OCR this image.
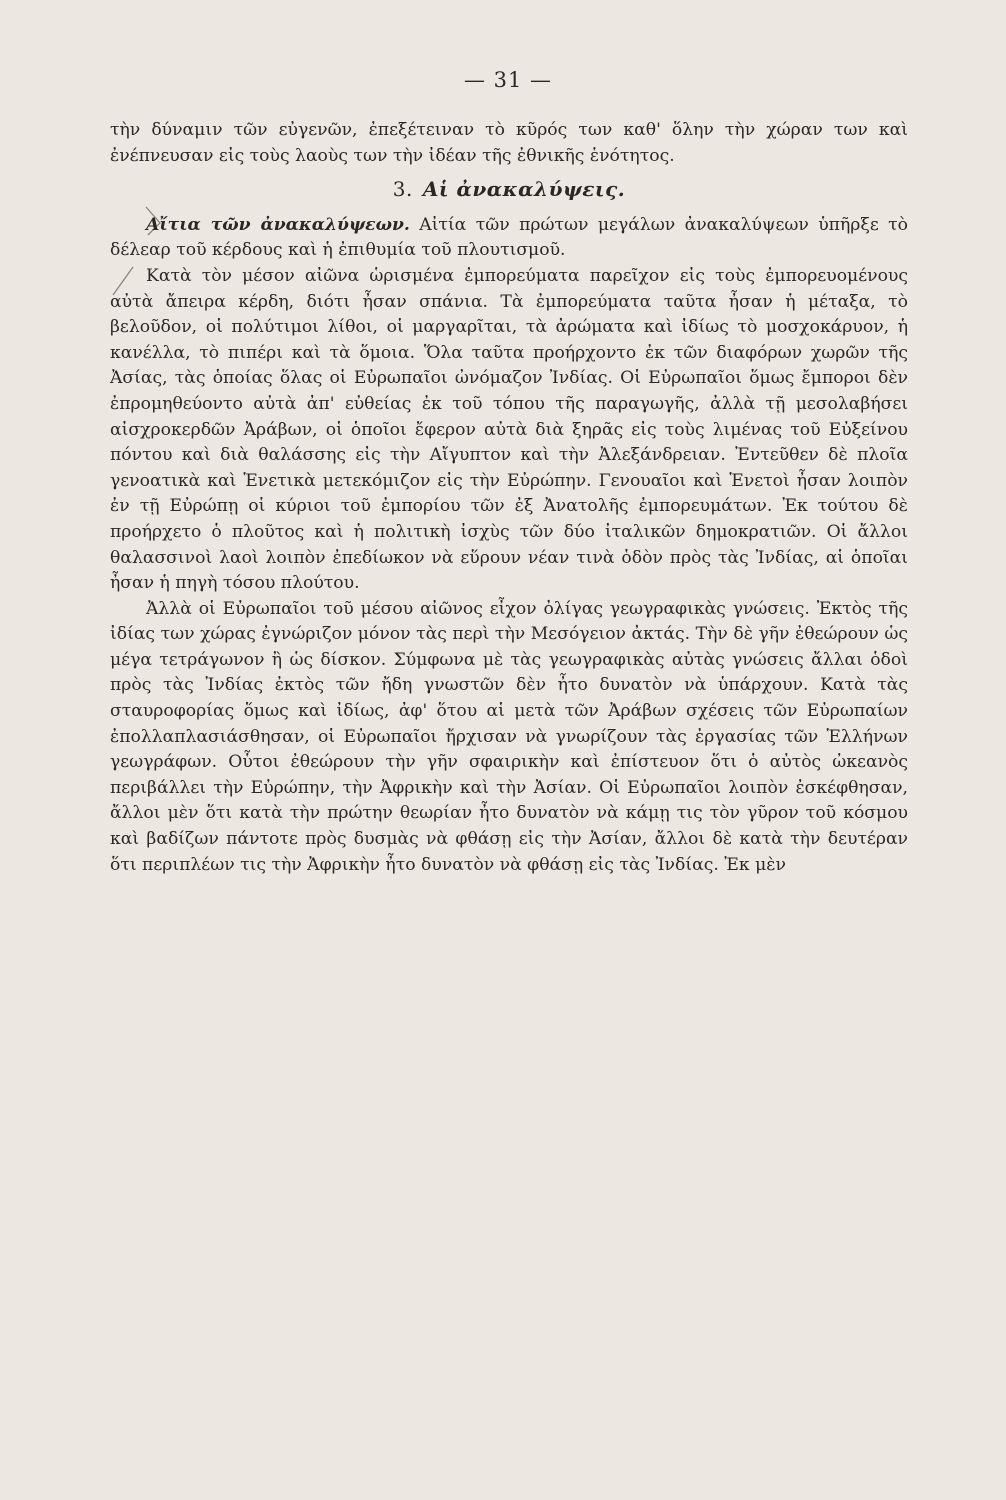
— 31 —

τὴν δύναμιν τῶν εὐγενῶν, ἐπεξέτειναν τὸ κῦρός των καθ' ὅλην τὴν χώραν των καὶ ἐνέπνευσαν εἰς τοὺς λαοὺς των τὴν ἰδέαν τῆς ἐθνικῆς ἑνότητος.

3. Αἱ ἀνακαλύψεις.

Αἴτια τῶν ἀνακαλύψεων. Αἰτία τῶν πρώτων μεγάλων ἀνακαλύψεων ὑπῆρξε τὸ δέλεαρ τοῦ κέρδους καὶ ἡ ἐπιθυμία τοῦ πλουτισμοῦ.

Κατὰ τὸν μέσον αἰῶνα ὡρισμένα ἐμπορεύματα παρεῖχον εἰς τοὺς ἐμπορευομένους αὐτὰ ἄπειρα κέρδη, διότι ἦσαν σπάνια. Τὰ ἐμπορεύματα ταῦτα ἦσαν ἡ μέταξα, τὸ βελοῦδον, οἱ πολύτιμοι λίθοι, οἱ μαργαρῖται, τὰ ἀρώματα καὶ ἰδίως τὸ μοσχοκάρυον, ἡ κανέλλα, τὸ πιπέρι καὶ τὰ ὅμοια. Ὅλα ταῦτα προήρχοντο ἐκ τῶν διαφόρων χωρῶν τῆς Ἀσίας, τὰς ὁποίας ὅλας οἱ Εὐρωπαῖοι ὠνόμαζον Ἰνδίας. Οἱ Εὐρωπαῖοι ὅμως ἔμποροι δὲν ἐπρομηθεύοντο αὐτὰ ἀπ' εὐθείας ἐκ τοῦ τόπου τῆς παραγωγῆς, ἀλλὰ τῇ μεσολαβήσει αἰσχροκερδῶν Ἀράβων, οἱ ὁποῖοι ἔφερον αὐτὰ διὰ ξηρᾶς εἰς τοὺς λιμένας τοῦ Εὐξείνου πόντου καὶ διὰ θαλάσσης εἰς τὴν Αἴγυπτον καὶ τὴν Ἀλεξάνδρειαν. Ἐντεῦθεν δὲ πλοῖα γενοατικὰ καὶ Ἑνετικὰ μετεκόμιζον εἰς τὴν Εὐρώπην. Γενουαῖοι καὶ Ἑνετοὶ ἦσαν λοιπὸν ἐν τῇ Εὐρώπῃ οἱ κύριοι τοῦ ἐμπορίου τῶν ἐξ Ἀνατολῆς ἐμπορευμάτων. Ἐκ τούτου δὲ προήρχετο ὁ πλοῦτος καὶ ἡ πολιτικὴ ἰσχὺς τῶν δύο ἰταλικῶν δημοκρατιῶν. Οἱ ἄλλοι θαλασσινοὶ λαοὶ λοιπὸν ἐπεδίωκον νὰ εὕρουν νέαν τινὰ ὁδὸν πρὸς τὰς Ἰνδίας, αἱ ὁποῖαι ἦσαν ἡ πηγὴ τόσου πλούτου.

Ἀλλὰ οἱ Εὐρωπαῖοι τοῦ μέσου αἰῶνος εἶχον ὀλίγας γεωγραφικὰς γνώσεις. Ἐκτὸς τῆς ἰδίας των χώρας ἐγνώριζον μόνον τὰς περὶ τὴν Μεσόγειον ἀκτάς. Τὴν δὲ γῆν ἐθεώρουν ὡς μέγα τετράγωνον ἢ ὡς δίσκον. Σύμφωνα μὲ τὰς γεωγραφικὰς αὐτὰς γνώσεις ἄλλαι ὁδοὶ πρὸς τὰς Ἰνδίας ἐκτὸς τῶν ἤδη γνωστῶν δὲν ἦτο δυνατὸν νὰ ὑπάρχουν. Κατὰ τὰς σταυροφορίας ὅμως καὶ ἰδίως, ἀφ' ὅτου αἱ μετὰ τῶν Ἀράβων σχέσεις τῶν Εὐρωπαίων ἐπολλαπλασιάσθησαν, οἱ Εὐρωπαῖοι ἤρχισαν νὰ γνωρίζουν τὰς ἐργασίας τῶν Ἑλλήνων γεωγράφων. Οὗτοι ἐθεώρουν τὴν γῆν σφαιρικὴν καὶ ἐπίστευον ὅτι ὁ αὐτὸς ὠκεανὸς περιβάλλει τὴν Εὐρώπην, τὴν Ἀφρικὴν καὶ τὴν Ἀσίαν. Οἱ Εὐρωπαῖοι λοιπὸν ἐσκέφθησαν, ἄλλοι μὲν ὅτι κατὰ τὴν πρώτην θεωρίαν ἦτο δυνατὸν νὰ κάμῃ τις τὸν γῦρον τοῦ κόσμου καὶ βαδίζων πάντοτε πρὸς δυσμὰς νὰ φθάσῃ εἰς τὴν Ἀσίαν, ἄλλοι δὲ κατὰ τὴν δευτέραν ὅτι περιπλέων τις τὴν Ἀφρικὴν ἦτο δυνατὸν νὰ φθάσῃ εἰς τὰς Ἰνδίας. Ἐκ μὲν
